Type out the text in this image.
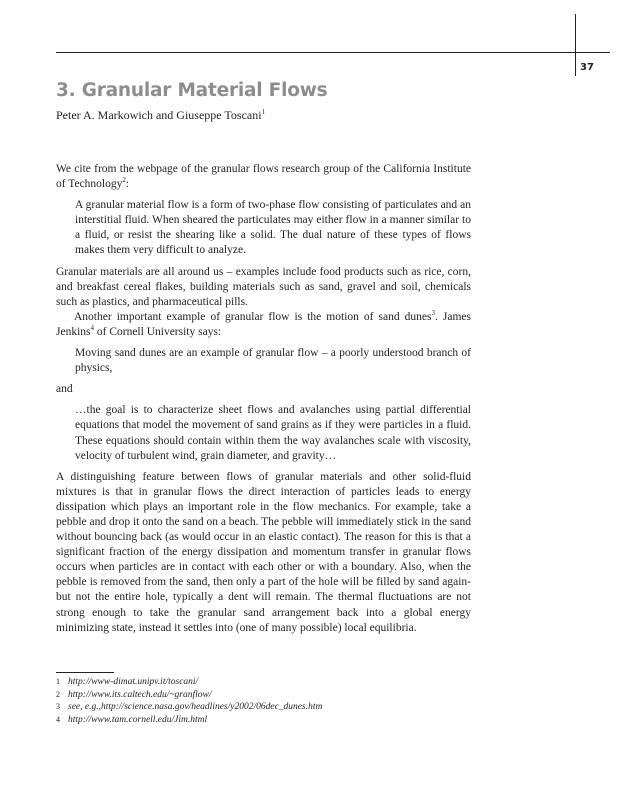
37
3. Granular Material Flows
Peter A. Markowich and Giuseppe Toscani$^1$

We cite from the webpage of the granular flows research group of the California Institute of Technology$^2$:

A granular material flow is a form of two-phase flow consisting of particulates and an interstitial fluid. When sheared the particulates may either flow in a manner similar to a fluid, or resist the shearing like a solid. The dual nature of these types of flows makes them very difficult to analyze.

Granular materials are all around us – examples include food products such as rice, corn, and breakfast cereal flakes, building materials such as sand, gravel and soil, chemicals such as plastics, and pharmaceutical pills.

Another important example of granular flow is the motion of sand dunes$^3$. James Jenkins$^4$ of Cornell University says:

Moving sand dunes are an example of granular flow – a poorly understood branch of physics,

and

…the goal is to characterize sheet flows and avalanches using partial differential equations that model the movement of sand grains as if they were particles in a fluid. These equations should contain within them the way avalanches scale with viscosity, velocity of turbulent wind, grain diameter, and gravity…

A distinguishing feature between flows of granular materials and other solid-fluid mixtures is that in granular flows the direct interaction of particles leads to energy dissipation which plays an important role in the flow mechanics. For example, take a pebble and drop it onto the sand on a beach. The pebble will immediately stick in the sand without bouncing back (as would occur in an elastic contact). The reason for this is that a significant fraction of the energy dissipation and momentum transfer in granular flows occurs when particles are in contact with each other or with a boundary. Also, when the pebble is removed from the sand, then only a part of the hole will be filled by sand again-but not the entire hole, typically a dent will remain. The thermal fluctuations are not strong enough to take the granular sand arrangement back into a global energy minimizing state, instead it settles into (one of many possible) local equilibria.

1 http://www-dimat.unipv.it/toscani/
2 http://www.its.caltech.edu/~granflow/
3 see, e.g.,http://science.nasa.gov/headlines/y2002/06dec_dunes.htm
4 http://www.tam.cornell.edu/Jim.html
